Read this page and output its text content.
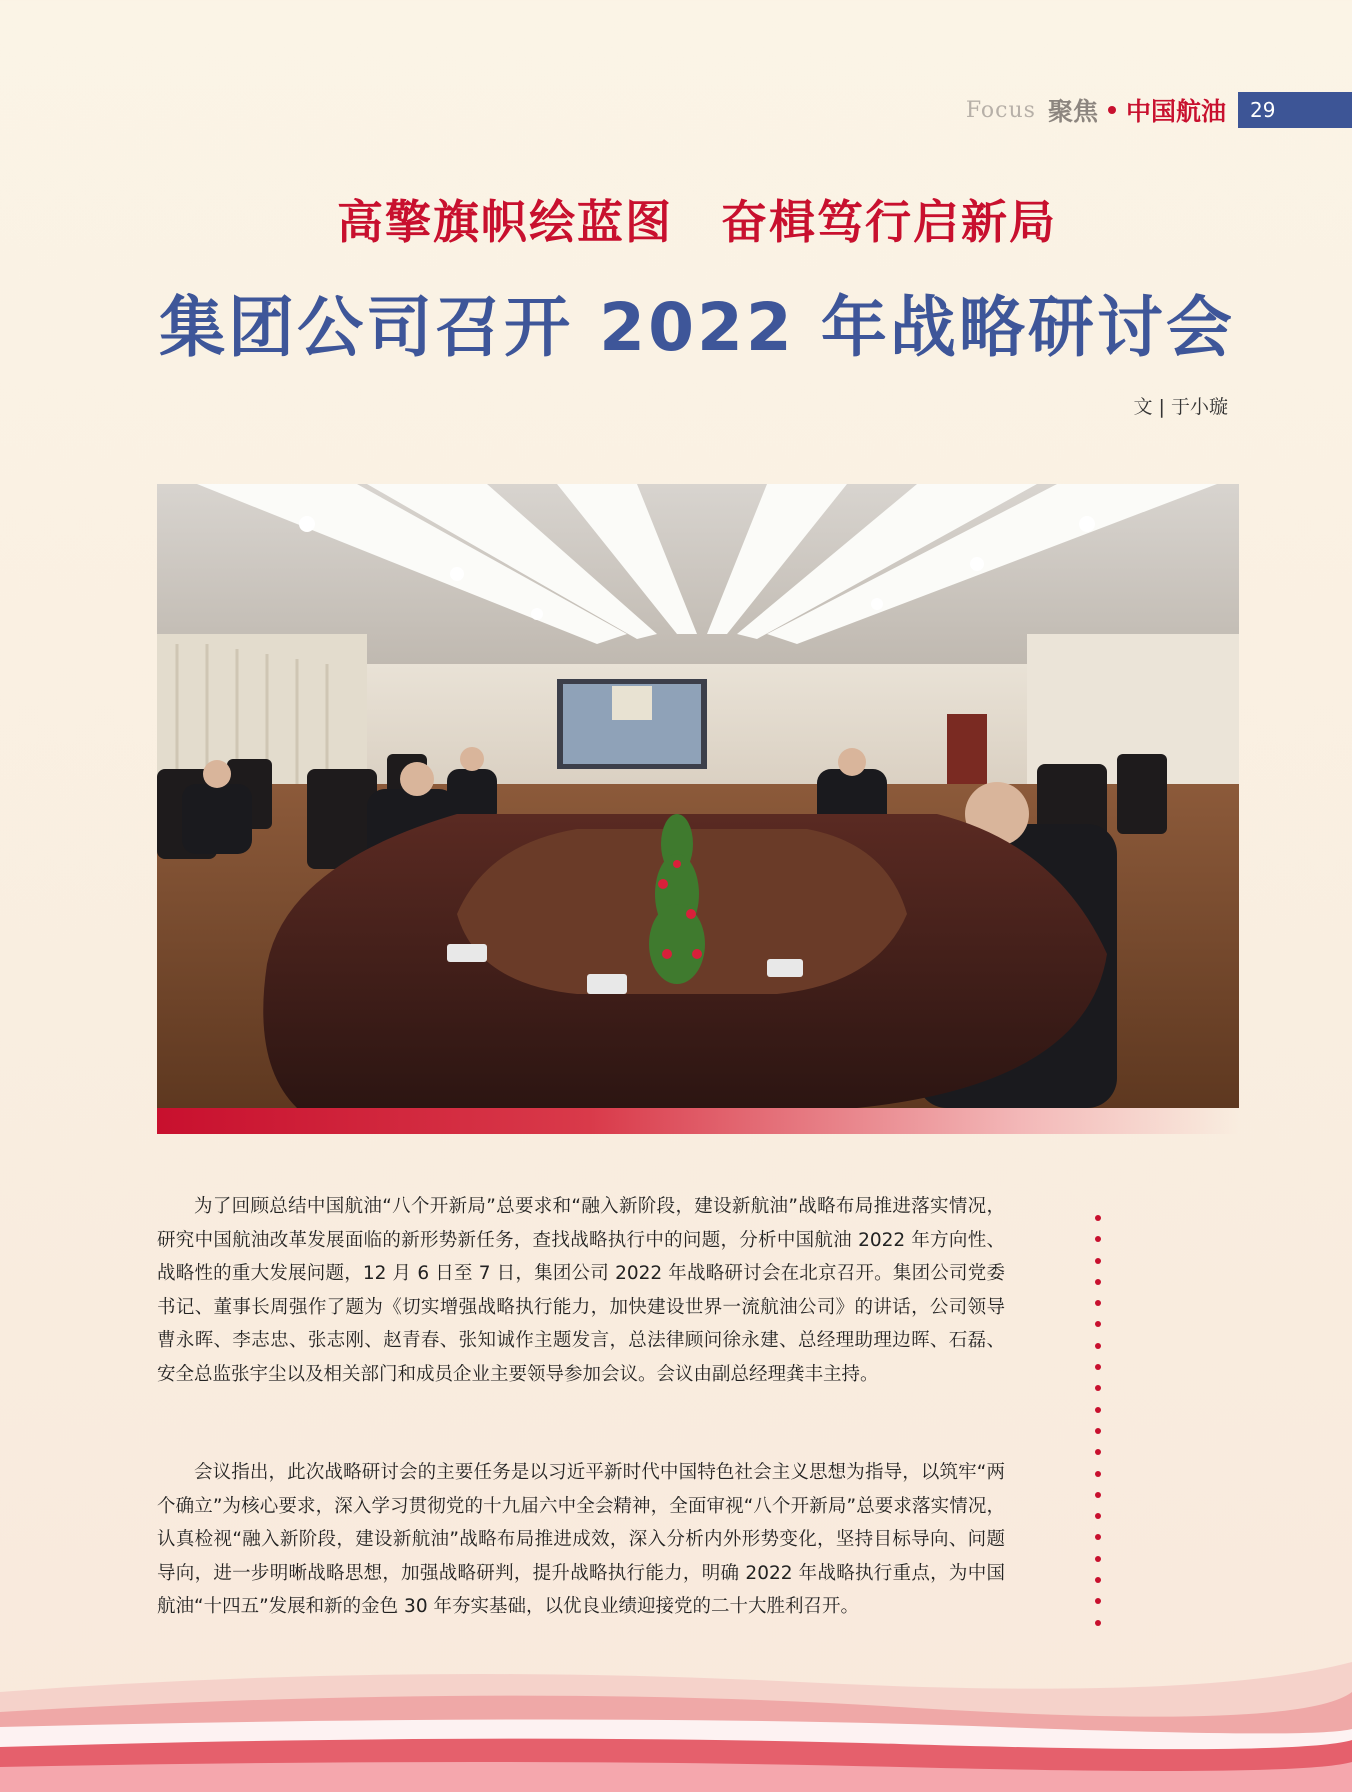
Focus 聚焦 中国航油	29
高擎旗帜绘蓝图　奋楫笃行启新局
集团公司召开 2022 年战略研讨会
文 | 于小璇

为了回顾总结中国航油“八个开新局”总要求和“融入新阶段，建设新航油”战略布局推进落实情况，研究中国航油改革发展面临的新形势新任务，查找战略执行中的问题，分析中国航油 2022 年方向性、战略性的重大发展问题，12 月 6 日至 7 日，集团公司 2022 年战略研讨会在北京召开。集团公司党委书记、董事长周强作了题为《切实增强战略执行能力，加快建设世界一流航油公司》的讲话，公司领导曹永晖、李志忠、张志刚、赵青春、张知诚作主题发言，总法律顾问徐永建、总经理助理边晖、石磊、安全总监张宇尘以及相关部门和成员企业主要领导参加会议。会议由副总经理龚丰主持。

会议指出，此次战略研讨会的主要任务是以习近平新时代中国特色社会主义思想为指导，以筑牢“两个确立”为核心要求，深入学习贯彻党的十九届六中全会精神，全面审视“八个开新局”总要求落实情况，认真检视“融入新阶段，建设新航油”战略布局推进成效，深入分析内外形势变化，坚持目标导向、问题导向，进一步明晰战略思想，加强战略研判，提升战略执行能力，明确 2022 年战略执行重点，为中国航油“十四五”发展和新的金色 30 年夯实基础，以优良业绩迎接党的二十大胜利召开。
